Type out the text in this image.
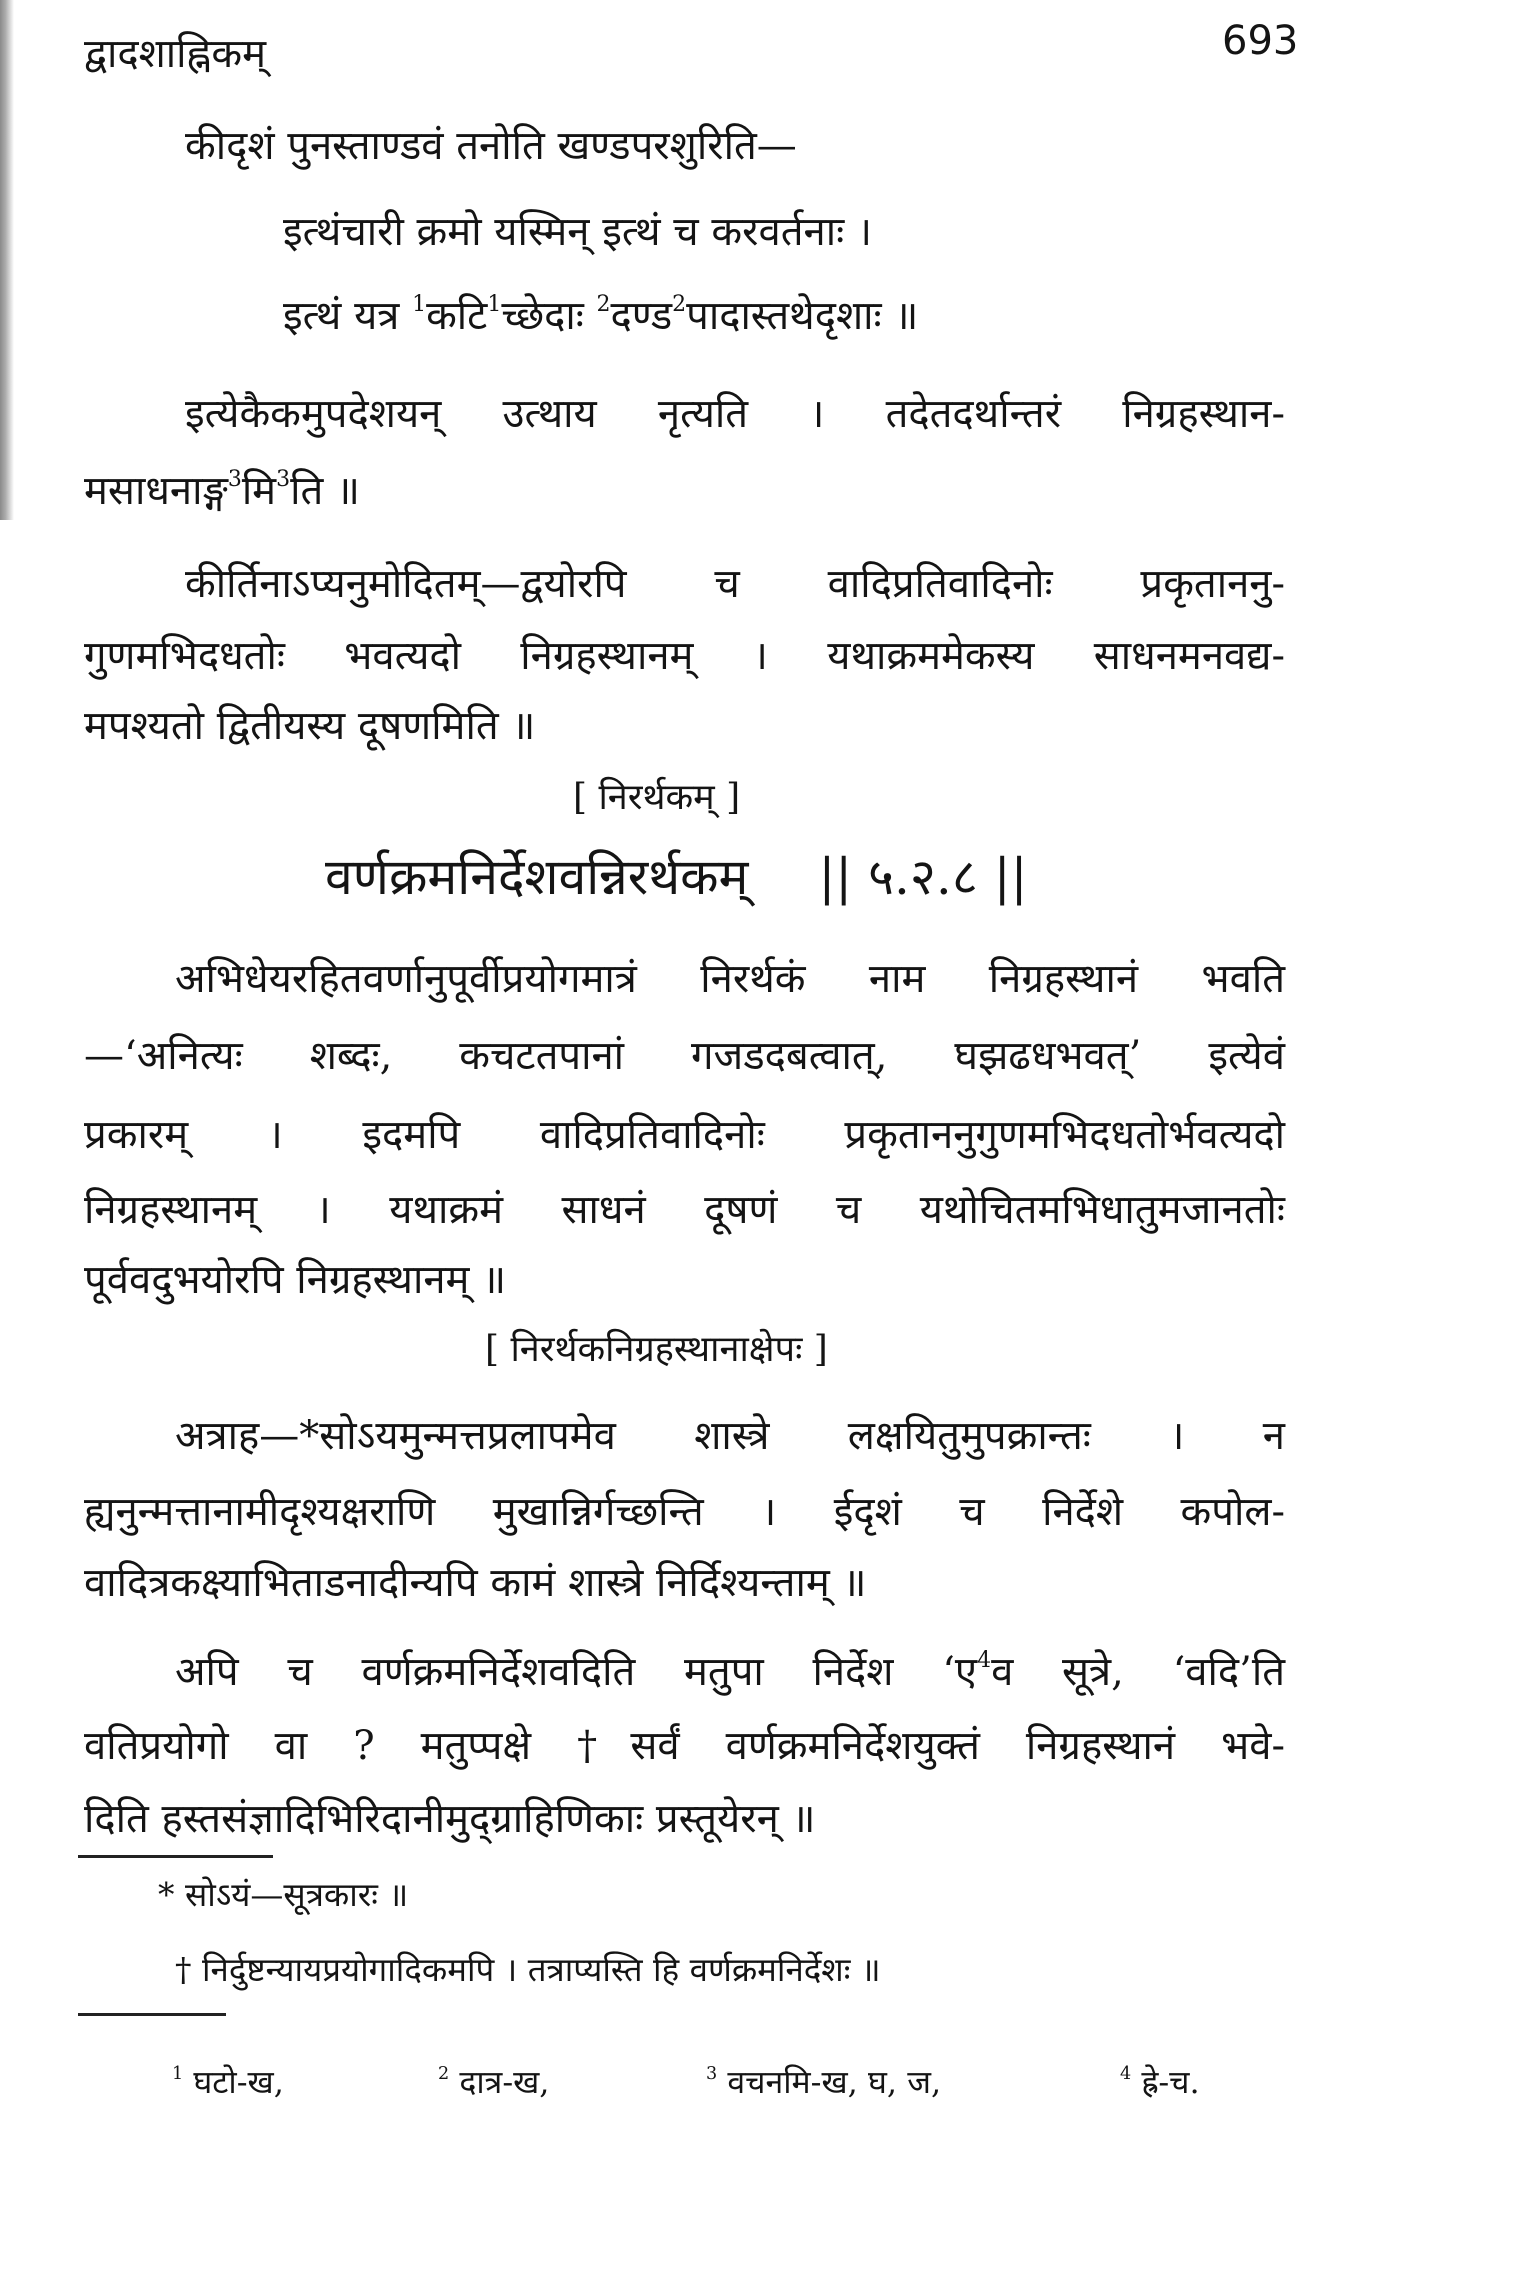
द्वादशाह्निकम्	693
कीदृशं पुनस्ताण्डवं तनोति खण्डपरशुरिति—
इत्थंचारी क्रमो यस्मिन् इत्थं च करवर्तनाः ।
इत्थं यत्र $^1$कटि$^1$च्छेदाः $^2$दण्ड$^2$पादास्तथेदृशाः ॥
इत्येकैकमुपदेशयन् उत्थाय नृत्यति । तदेतदर्थान्तरं निग्रहस्थान-
मसाधनाङ्ग$^3$मि$^3$ति ॥
कीर्तिनाऽप्यनुमोदितम्—द्वयोरपि च वादिप्रतिवादिनोः प्रकृताननु-
गुणमभिदधतोः भवत्यदो निग्रहस्थानम् । यथाक्रममेकस्य साधनमनवद्य-
मपश्यतो द्वितीयस्य दूषणमिति ॥
[ निरर्थकम् ]
वर्णक्रमनिर्देशवन्निरर्थकम् || ५.२.८ ||
अभिधेयरहितवर्णानुपूर्वीप्रयोगमात्रं निरर्थकं नाम निग्रहस्थानं भवति
—‘अनित्यः शब्दः, कचटतपानां गजडदबत्वात्, घझढधभवत्’ इत्येवं
प्रकारम् । इदमपि वादिप्रतिवादिनोः प्रकृताननुगुणमभिदधतोर्भवत्यदो
निग्रहस्थानम् । यथाक्रमं साधनं दूषणं च यथोचितमभिधातुमजानतोः
पूर्ववदुभयोरपि निग्रहस्थानम् ॥
[ निरर्थकनिग्रहस्थानाक्षेपः ]
अत्राह—*सोऽयमुन्मत्तप्रलापमेव शास्त्रे लक्षयितुमुपक्रान्तः । न
ह्यनुन्मत्तानामीदृश्यक्षराणि मुखान्निर्गच्छन्ति । ईदृशं च निर्देशे कपोल-
वादित्रकक्ष्याभिताडनादीन्यपि कामं शास्त्रे निर्दिश्यन्ताम् ॥
अपि च वर्णक्रमनिर्देशवदिति मतुपा निर्देश ‘ए$^4$व सूत्रे, ‘वदि’ति
वतिप्रयोगो वा ? मतुप्पक्षे †सर्वं वर्णक्रमनिर्देशयुक्तं निग्रहस्थानं भवे-
दिति हस्तसंज्ञादिभिरिदानीमुद्ग्राहिणिकाः प्रस्तूयेरन् ॥
* सोऽयं—सूत्रकारः ॥
† निर्दुष्टन्यायप्रयोगादिकमपि । तत्राप्यस्ति हि वर्णक्रमनिर्देशः ॥
$^1$ घटो-ख,	$^2$ दात्र-ख,	$^3$ वचनमि-ख, घ, ज,	$^4$ ह्रे-च.
